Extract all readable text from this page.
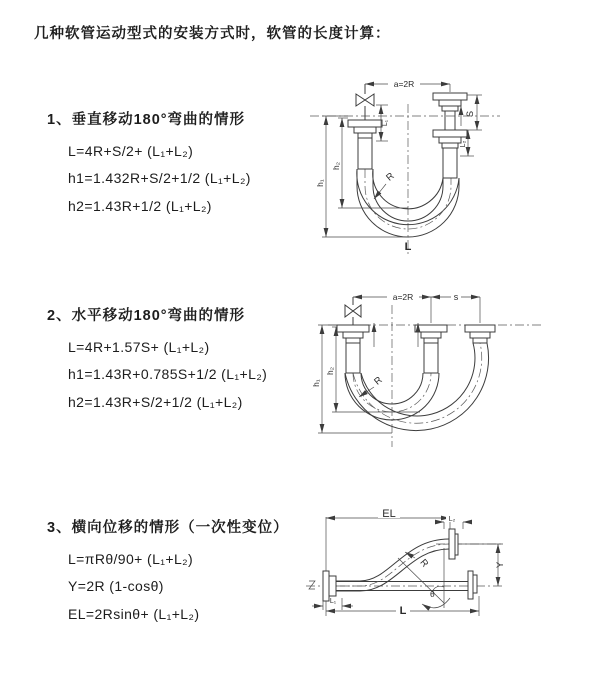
几种软管运动型式的安装方式时，软管的长度计算：
1、垂直移动180°弯曲的情形
L=4R+S/2+ (L₁+L₂)
h1=1.432R+S/2+1/2 (L₁+L₂)
h2=1.43R+1/2 (L₁+L₂)
2、水平移动180°弯曲的情形
L=4R+1.57S+ (L₁+L₂)
h1=1.43R+0.785S+1/2 (L₁+L₂)
h2=1.43R+S/2+1/2 (L₁+L₂)
3、横向位移的情形（一次性变位）
L=πRθ/90+ (L₁+L₂)
Y=2R (1-cosθ)
EL=2Rsinθ+ (L₁+L₂)
a=2R
h₁
h₂
L₁
S
L₂
R
L
a=2R	s
h₁
h₂
R
θ
R
EL	L₂
Y
L
L₁
